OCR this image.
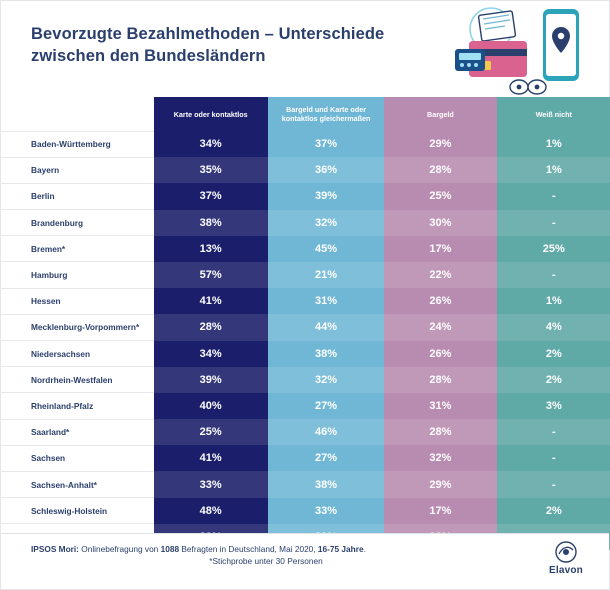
Bevorzugte Bezahlmethoden – Unterschiede zwischen den Bundesländern
	Karte oder kontaktlos	Bargeld und Karte oder kontaktlos gleichermaßen	Bargeld	Weiß nicht
Baden-Württemberg	34%	37%	29%	1%
Bayern	35%	36%	28%	1%
Berlin	37%	39%	25%	-
Brandenburg	38%	32%	30%	-
Bremen*	13%	45%	17%	25%
Hamburg	57%	21%	22%	-
Hessen	41%	31%	26%	1%
Mecklenburg-Vorpommern*	28%	44%	24%	4%
Niedersachsen	34%	38%	26%	2%
Nordrhein-Westfalen	39%	32%	28%	2%
Rheinland-Pfalz	40%	27%	31%	3%
Saarland*	25%	46%	28%	-
Sachsen	41%	27%	32%	-
Sachsen-Anhalt*	33%	38%	29%	-
Schleswig-Holstein	48%	33%	17%	2%

IPSOS Mori: Onlinebefragung von 1088 Befragten in Deutschland, Mai 2020, 16-75 Jahre.
*Stichprobe unter 30 Personen
Elavon
